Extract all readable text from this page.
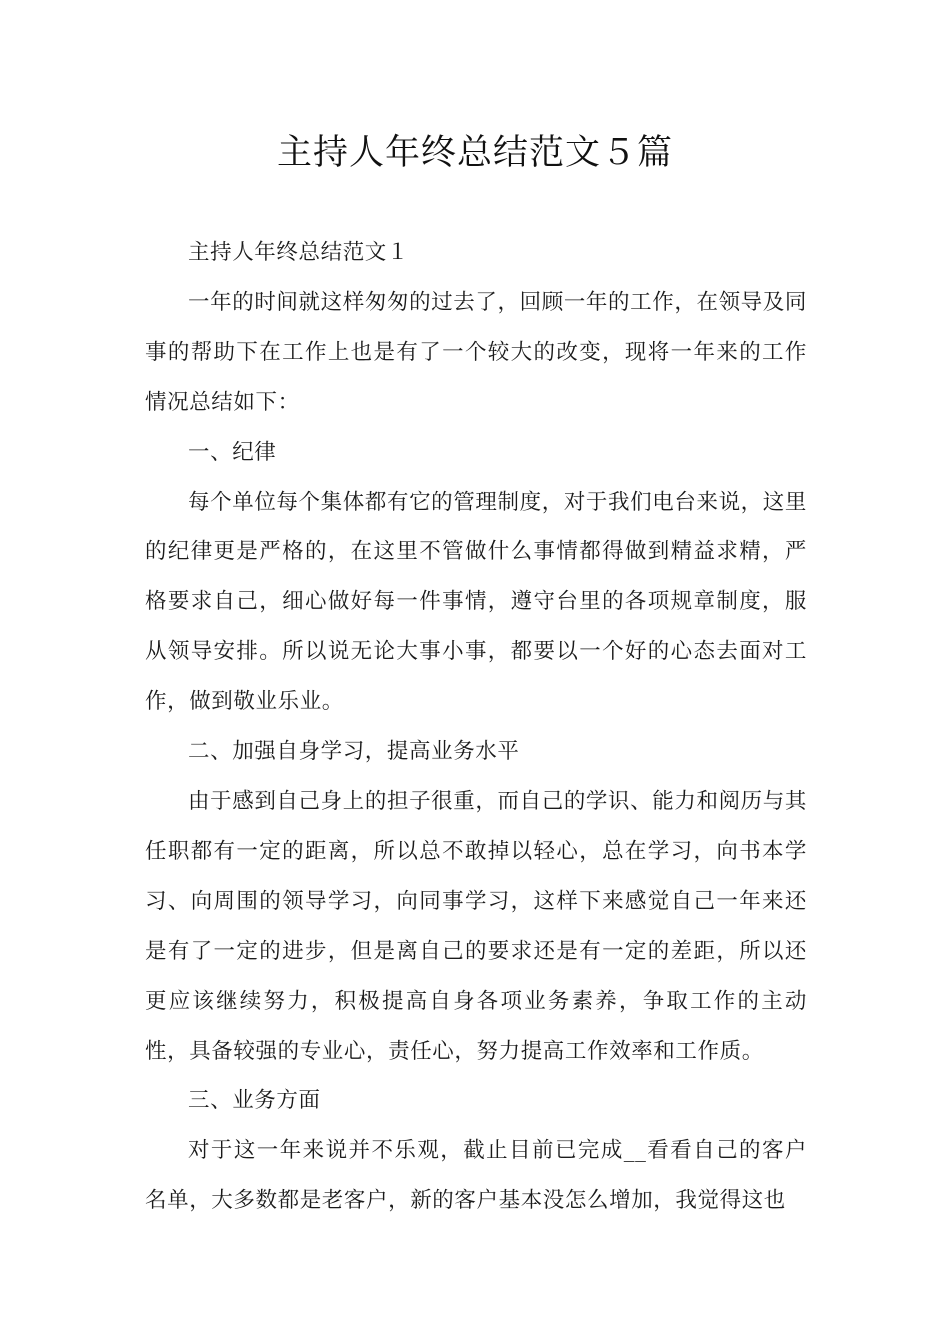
主持人年终总结范文５篇

主持人年终总结范文１

一年的时间就这样匆匆的过去了，回顾一年的工作，在领导及同事的帮助下在工作上也是有了一个较大的改变，现将一年来的工作情况总结如下：

一、纪律

每个单位每个集体都有它的管理制度，对于我们电台来说，这里的纪律更是严格的，在这里不管做什么事情都得做到精益求精，严格要求自己，细心做好每一件事情，遵守台里的各项规章制度，服从领导安排。所以说无论大事小事，都要以一个好的心态去面对工作，做到敬业乐业。

二、加强自身学习，提高业务水平

由于感到自己身上的担子很重，而自己的学识、能力和阅历与其任职都有一定的距离，所以总不敢掉以轻心，总在学习，向书本学习、向周围的领导学习，向同事学习，这样下来感觉自己一年来还是有了一定的进步，但是离自己的要求还是有一定的差距，所以还更应该继续努力，积极提高自身各项业务素养，争取工作的主动性，具备较强的专业心，责任心，努力提高工作效率和工作质。

三、业务方面

对于这一年来说并不乐观，截止目前已完成__看看自己的客户名单，大多数都是老客户，新的客户基本没怎么增加，我觉得这也
